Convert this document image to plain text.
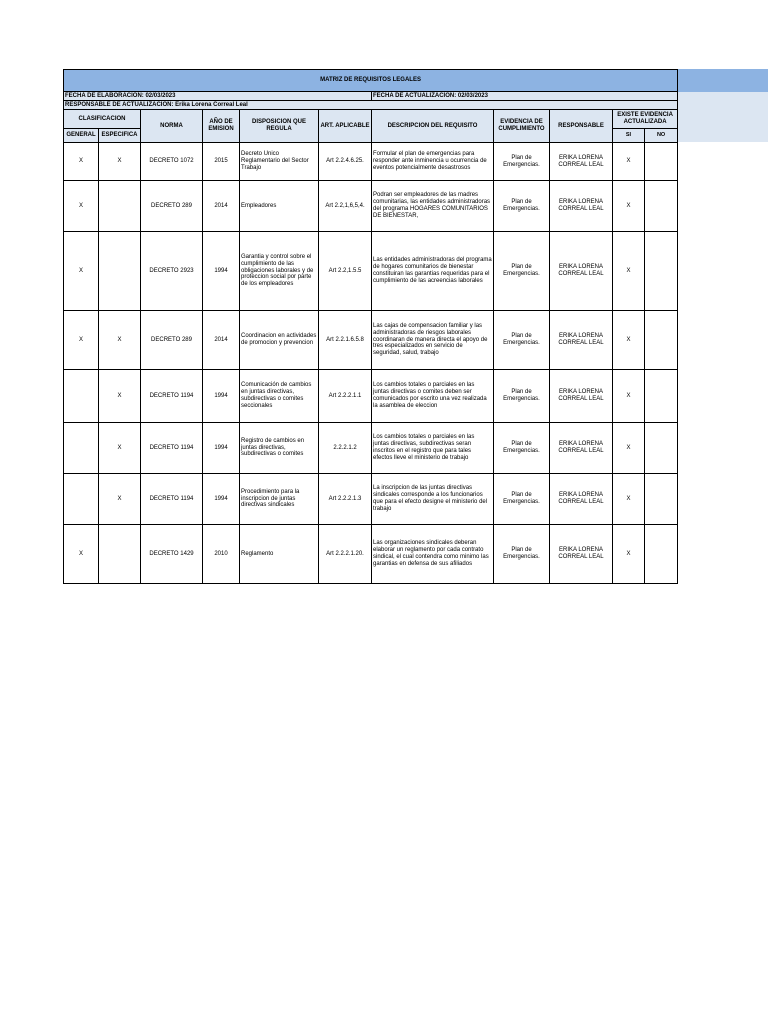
MATRIZ DE REQUISITOS LEGALES										
FECHA DE ELABORACION: 02/03/2023						FECHA DE ACTUALIZACION: 02/03/2023				
RESPONSABLE DE ACTUALIZACION: Erika Lorena Correal Leal										
CLASIFICACION		NORMA	AÑO DE EMISION	DISPOSICION QUE REGULA	ART. APLICABLE	DESCRIPCION DEL REQUISITO	EVIDENCIA DE CUMPLIMIENTO	RESPONSABLE	EXISTE EVIDENCIA ACTUALIZADA	
GENERAL	ESPECIFICA								SI	NO
X	X	DECRETO 1072	2015	Decreto Unico Reglamentario del Sector Trabajo	Art 2.2.4.6.25.	Formular el plan de emergencias para responder ante inminencia u ocurrencia de eventos potencialmente desastrosos	Plan de Emergencias.	ERIKA LORENA CORREAL LEAL	X	
X		DECRETO 289	2014	Empleadores	Art 2.2,1,6,5,4.	Podran ser empleadores de las madres comunitarias, las entidades administradoras del programa HOGARES COMUNITARIOS DE BIENESTAR,	Plan de Emergencias.	ERIKA LORENA CORREAL LEAL	X	
X		DECRETO 2923	1994	Garantia y control sobre el cumplimiento de las obligaciones laborales y de proteccion social por parte de los empleadores	Art 2.2,1.5.5	Las entidades administradoras del programa de hogares comunitarios de bienestar constituiran las garantias requeridas para el cumplimiento de las acreencias laborales	Plan de Emergencias.	ERIKA LORENA CORREAL LEAL	X	
X	X	DECRETO 289	2014	Coordinacion en actividades de promocion y prevencion	Art 2.2.1.6.5.8	Las cajas de compensacion familiar y las administradoras de riesgos laborales coordinaran de manera directa el apoyo de tres especializados en servicio de seguridad, salud, trabajo	Plan de Emergencias.	ERIKA LORENA CORREAL LEAL	X	
	X	DECRETO 1194	1994	Comunicación de cambios en juntas directivas, subdirectivas o comites seccionales	Art 2.2.2.1.1	Los cambios totales o parciales en las juntas directivas o comites deben ser comunicados por escrito una vez realizada la asamblea de eleccion	Plan de Emergencias.	ERIKA LORENA CORREAL LEAL	X	
	X	DECRETO 1194	1994	Registro de cambios en juntas directivas, subdirectivas o comites	2.2.2.1.2	Los cambios totales o parciales en las juntas directivas, subdirectivas seran inscritos en el registro que para tales efectos lleve el ministerio de trabajo	Plan de Emergencias.	ERIKA LORENA CORREAL LEAL	X	
	X	DECRETO 1194	1994	Procedimiento para la inscripcion de juntas directivas sindicales	Art 2.2.2.1.3	La inscripcion de las juntas directivas sindicales corresponde a los funcionarios que para el efecto designe el ministerio del trabajo	Plan de Emergencias.	ERIKA LORENA CORREAL LEAL	X	
X		DECRETO 1429	2010	Reglamento	Art 2.2.2.1.20.	Las organizaciones sindicales deberan elaborar un reglamento por cada contrato sindical, el cual contendra como minimo las garantias en defensa de sus afiliados	Plan de Emergencias.	ERIKA LORENA CORREAL LEAL	X	
